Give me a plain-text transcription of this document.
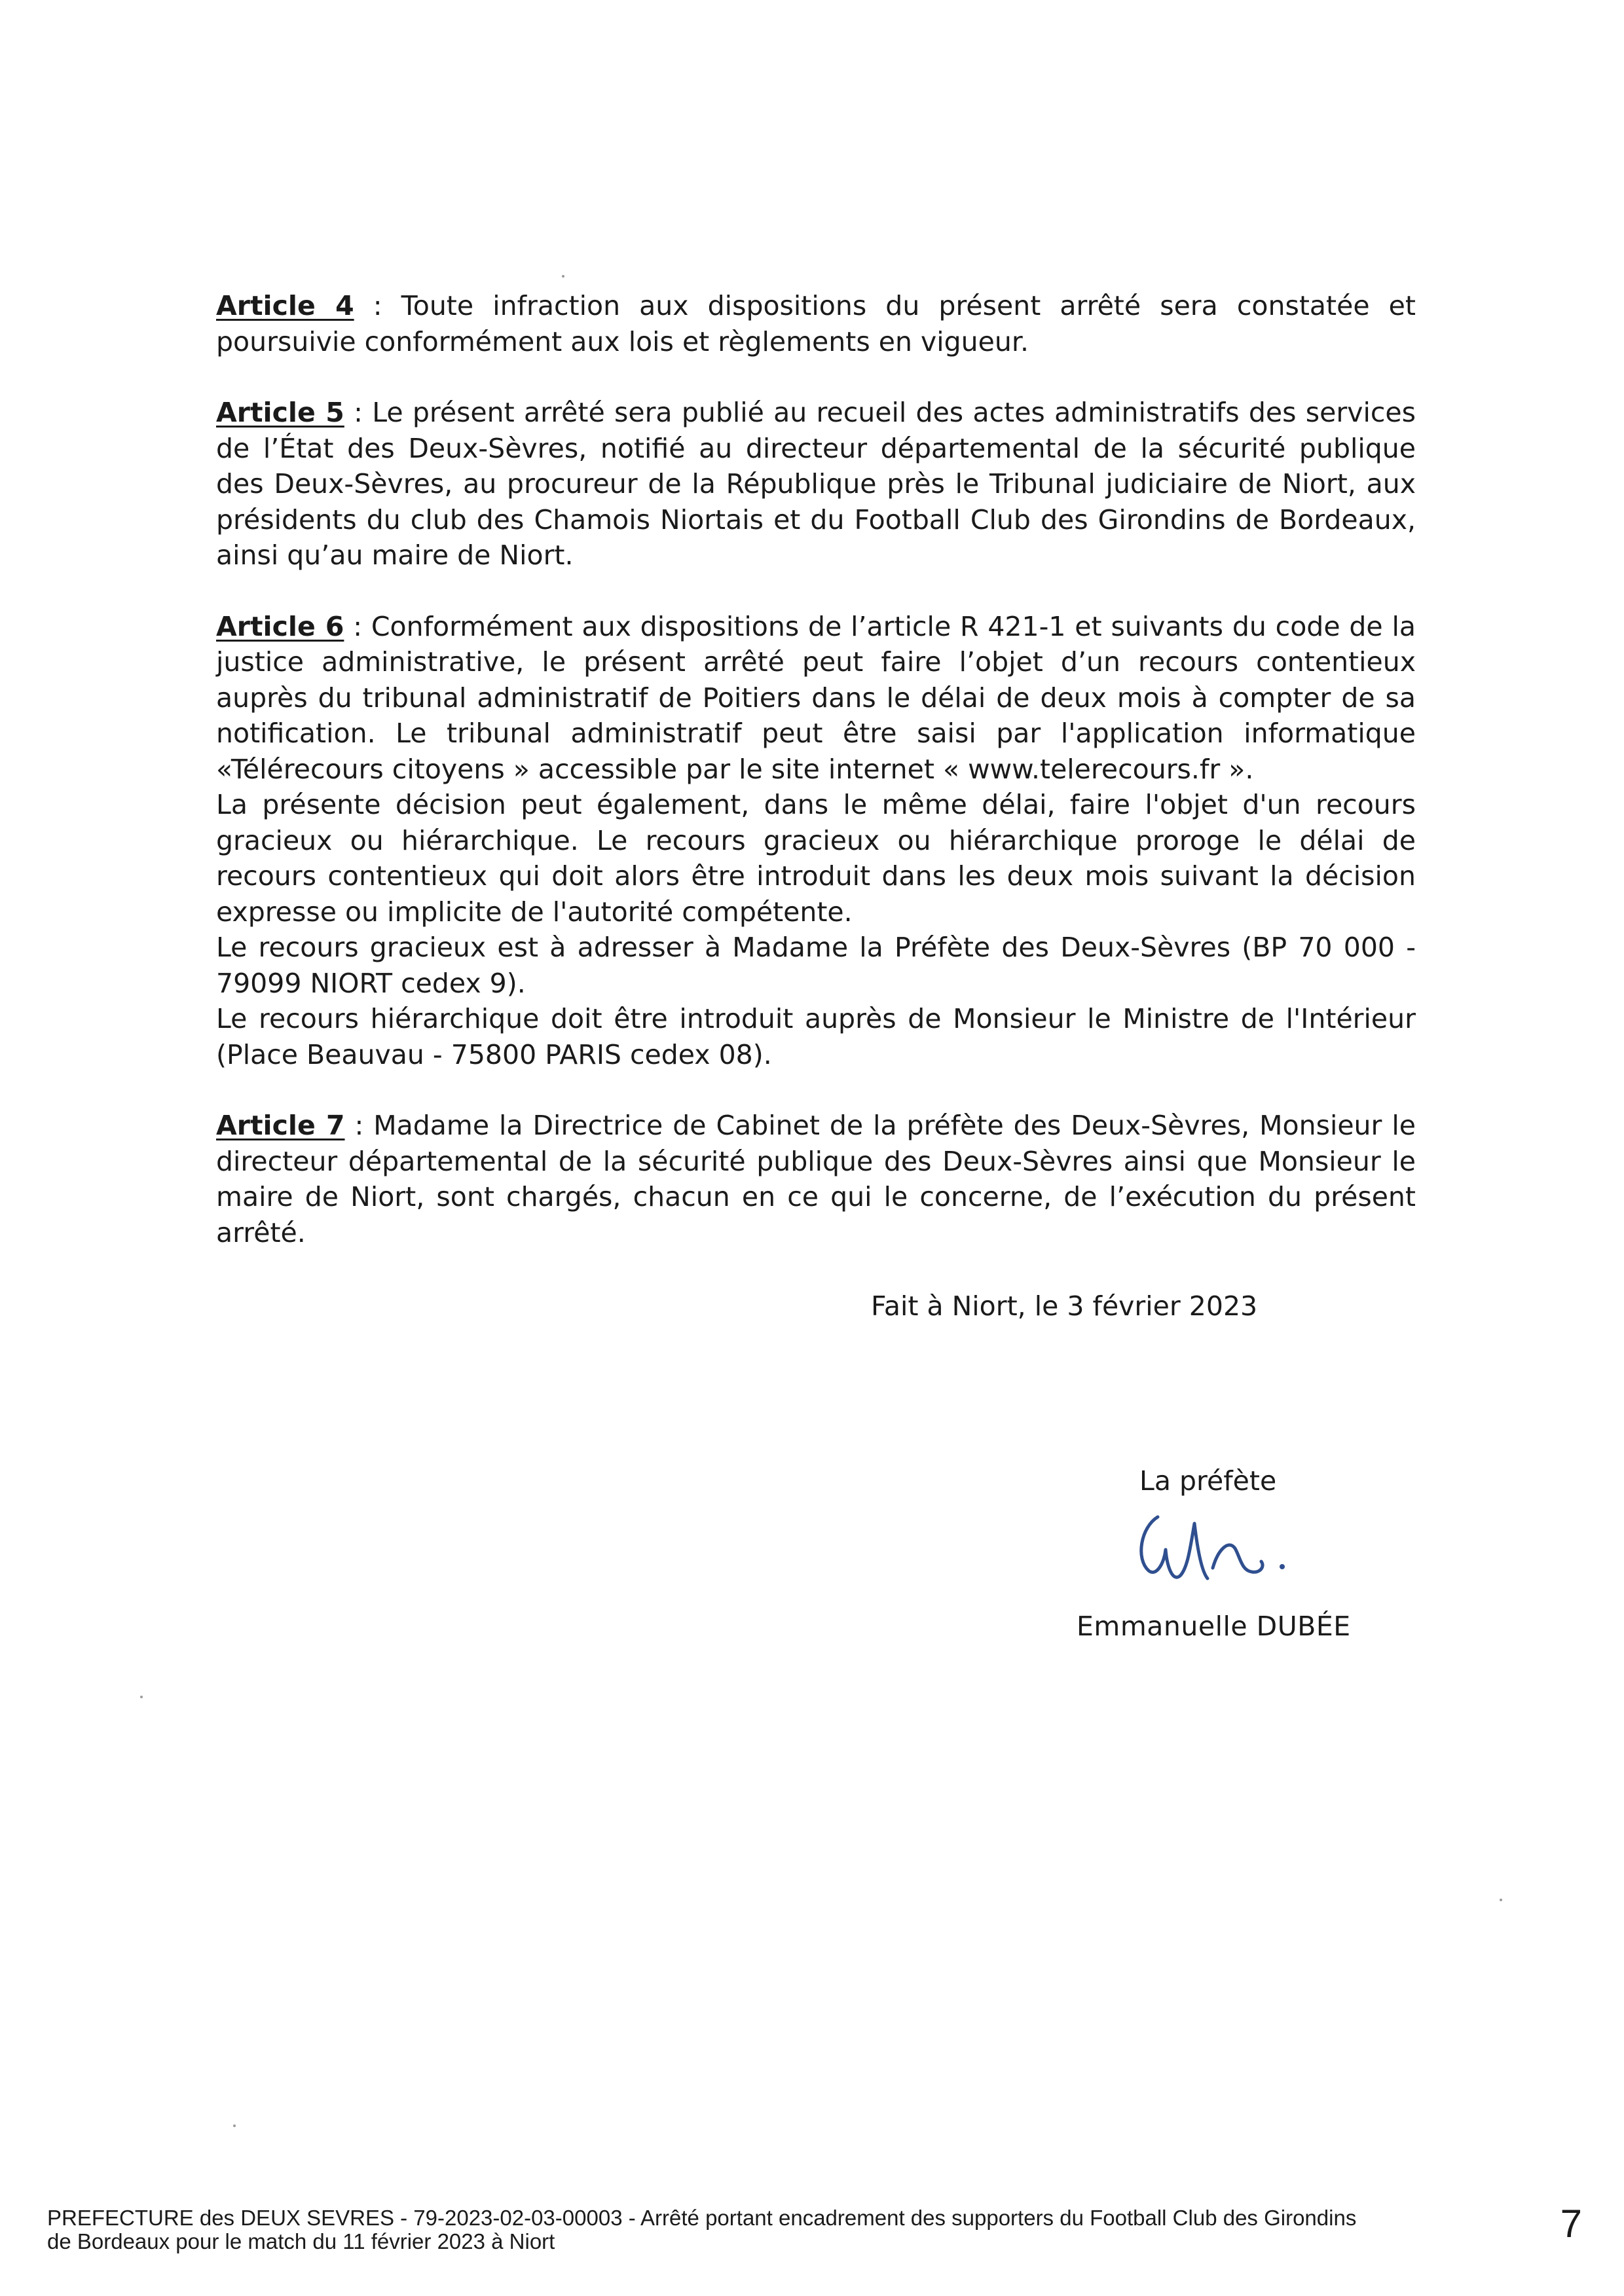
Article 4 : Toute infraction aux dispositions du présent arrêté sera constatée et poursuivie conformément aux lois et règlements en vigueur.

Article 5 : Le présent arrêté sera publié au recueil des actes administratifs des services de l’État des Deux-Sèvres, notifié au directeur départemental de la sécurité publique des Deux-Sèvres, au procureur de la République près le Tribunal judiciaire de Niort, aux présidents du club des Chamois Niortais et du Football Club des Girondins de Bordeaux, ainsi qu’au maire de Niort.

Article 6 : Conformément aux dispositions de l’article R 421-1 et suivants du code de la justice administrative, le présent arrêté peut faire l’objet d’un recours contentieux auprès du tribunal administratif de Poitiers dans le délai de deux mois à compter de sa notification. Le tribunal administratif peut être saisi par l'application informatique «Télérecours citoyens » accessible par le site internet « www.telerecours.fr ».

La présente décision peut également, dans le même délai, faire l'objet d'un recours gracieux ou hiérarchique. Le recours gracieux ou hiérarchique proroge le délai de recours contentieux qui doit alors être introduit dans les deux mois suivant la décision expresse ou implicite de l'autorité compétente.

Le recours gracieux est à adresser à Madame la Préfète des Deux-Sèvres (BP 70 000 - 79099 NIORT cedex 9).

Le recours hiérarchique doit être introduit auprès de Monsieur le Ministre de l'Intérieur (Place Beauvau - 75800 PARIS cedex 08).

Article 7 : Madame la Directrice de Cabinet de la préfète des Deux-Sèvres, Monsieur le directeur départemental de la sécurité publique des Deux-Sèvres ainsi que Monsieur le maire de Niort, sont chargés, chacun en ce qui le concerne, de l’exécution du présent arrêté.

Fait à Niort, le 3 février 2023
La préfète
Emmanuelle DUBÉE
PREFECTURE des DEUX SEVRES - 79-2023-02-03-00003 - Arrêté portant encadrement des supporters du Football Club des Girondins
de Bordeaux pour le match du 11 février 2023 à Niort	7
